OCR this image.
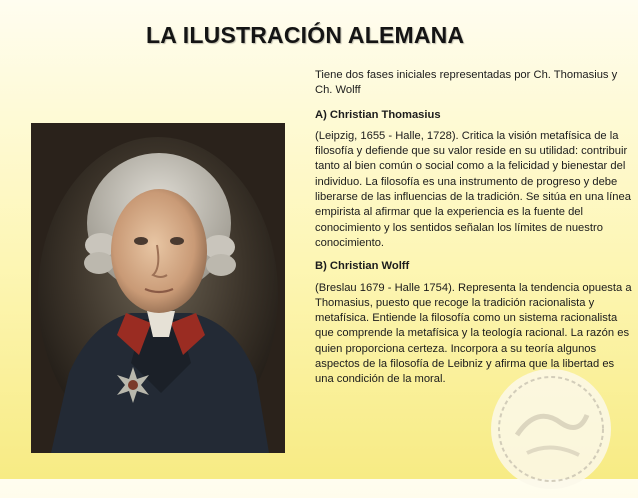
LA ILUSTRACIÓN ALEMANA

Tiene dos fases iniciales representadas por Ch. Thomasius y Ch. Wolff

A) Christian Thomasius

(Leipzig, 1655 - Halle, 1728). Critica la visión metafísica de la filosofía y defiende que su valor reside en su utilidad: contribuir tanto al bien común o social como a la felicidad y bienestar del individuo. La filosofía es una instrumento de progreso y debe liberarse de las influencias de la tradición. Se sitúa en una línea empirista al afirmar que la experiencia es la fuente del conocimiento y los sentidos señalan los límites de nuestro conocimiento.

B) Christian Wolff

(Breslau 1679 - Halle 1754). Representa la tendencia opuesta a Thomasius, puesto que recoge la tradición racionalista y metafísica. Entiende la filosofía como un sistema racionalista que comprende la metafísica y la teología racional. La razón es quien proporciona certeza. Incorpora a su teoría algunos aspectos de la filosofía de Leibniz y afirma que la libertad es una condición de la moral.
